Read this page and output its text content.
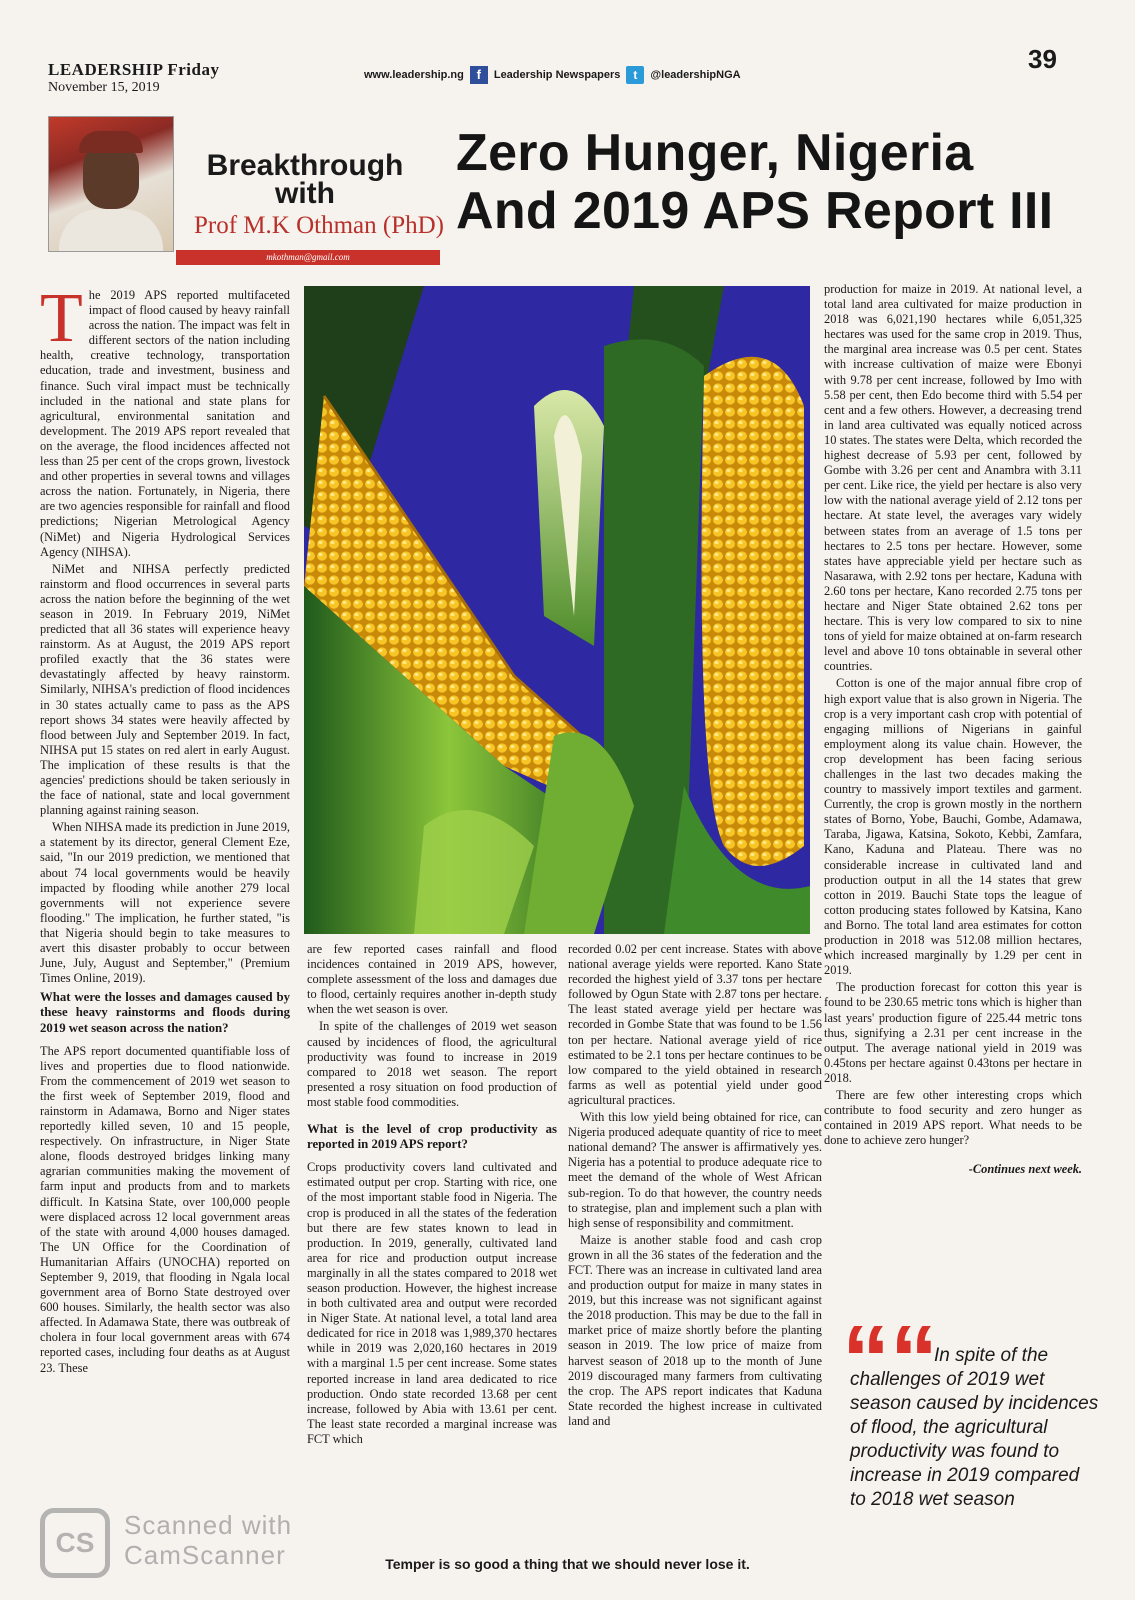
LEADERSHIP Friday
November 15, 2019
www.leadership.ng f	Leadership Newspapers	t	@leadershipNGA
39
Breakthrough
with
Prof M.K Othman (PhD)
mkothman@gmail.com
Zero Hunger, Nigeria
And 2019 APS Report III

The 2019 APS reported multifaceted impact of flood caused by heavy rainfall across the nation. The impact was felt in different sectors of the nation including health, creative technology, transportation education, trade and investment, business and finance. Such viral impact must be technically included in the national and state plans for agricultural, environmental sanitation and development. The 2019 APS report revealed that on the average, the flood incidences affected not less than 25 per cent of the crops grown, livestock and other properties in several towns and villages across the nation. Fortunately, in Nigeria, there are two agencies responsible for rainfall and flood predictions; Nigerian Metrological Agency (NiMet) and Nigeria Hydrological Services Agency (NIHSA).

NiMet and NIHSA perfectly predicted rainstorm and flood occurrences in several parts across the nation before the beginning of the wet season in 2019. In February 2019, NiMet predicted that all 36 states will experience heavy rainstorm. As at August, the 2019 APS report profiled exactly that the 36 states were devastatingly affected by heavy rainstorm. Similarly, NIHSA's prediction of flood incidences in 30 states actually came to pass as the APS report shows 34 states were heavily affected by flood between July and September 2019. In fact, NIHSA put 15 states on red alert in early August. The implication of these results is that the agencies' predictions should be taken seriously in the face of national, state and local government planning against raining season.

When NIHSA made its prediction in June 2019, a statement by its director, general Clement Eze, said, "In our 2019 prediction, we mentioned that about 74 local governments would be heavily impacted by flooding while another 279 local governments will not experience severe flooding." The implication, he further stated, "is that Nigeria should begin to take measures to avert this disaster probably to occur between June, July, August and September," (Premium Times Online, 2019).

What were the losses and damages caused by these heavy rainstorms and floods during 2019 wet season across the nation?

The APS report documented quantifiable loss of lives and properties due to flood nationwide. From the commencement of 2019 wet season to the first week of September 2019, flood and rainstorm in Adamawa, Borno and Niger states reportedly killed seven, 10 and 15 people, respectively. On infrastructure, in Niger State alone, floods destroyed bridges linking many agrarian communities making the movement of farm input and products from and to markets difficult. In Katsina State, over 100,000 people were displaced across 12 local government areas of the state with around 4,000 houses damaged. The UN Office for the Coordination of Humanitarian Affairs (UNOCHA) reported on September 9, 2019, that flooding in Ngala local government area of Borno State destroyed over 600 houses. Similarly, the health sector was also affected. In Adamawa State, there was outbreak of cholera in four local government areas with 674 reported cases, including four deaths as at August 23. These

are few reported cases rainfall and flood incidences contained in 2019 APS, however, complete assessment of the loss and damages due to flood, certainly requires another in-depth study when the wet season is over.

In spite of the challenges of 2019 wet season caused by incidences of flood, the agricultural productivity was found to increase in 2019 compared to 2018 wet season. The report presented a rosy situation on food production of most stable food commodities.

What is the level of crop productivity as reported in 2019 APS report?

Crops productivity covers land cultivated and estimated output per crop. Starting with rice, one of the most important stable food in Nigeria. The crop is produced in all the states of the federation but there are few states known to lead in production. In 2019, generally, cultivated land area for rice and production output increase marginally in all the states compared to 2018 wet season production. However, the highest increase in both cultivated area and output were recorded in Niger State. At national level, a total land area dedicated for rice in 2018 was 1,989,370 hectares while in 2019 was 2,020,160 hectares in 2019 with a marginal 1.5 per cent increase. Some states reported increase in land area dedicated to rice production. Ondo state recorded 13.68 per cent increase, followed by Abia with 13.61 per cent. The least state recorded a marginal increase was FCT which

recorded 0.02 per cent increase. States with above national average yields were reported. Kano State recorded the highest yield of 3.37 tons per hectare followed by Ogun State with 2.87 tons per hectare. The least stated average yield per hectare was recorded in Gombe State that was found to be 1.56 ton per hectare. National average yield of rice estimated to be 2.1 tons per hectare continues to be low compared to the yield obtained in research farms as well as potential yield under good agricultural practices.

With this low yield being obtained for rice, can Nigeria produced adequate quantity of rice to meet national demand? The answer is affirmatively yes. Nigeria has a potential to produce adequate rice to meet the demand of the whole of West African sub-region. To do that however, the country needs to strategise, plan and implement such a plan with high sense of responsibility and commitment.

Maize is another stable food and cash crop grown in all the 36 states of the federation and the FCT. There was an increase in cultivated land area and production output for maize in many states in 2019, but this increase was not significant against the 2018 production. This may be due to the fall in market price of maize shortly before the planting season in 2019. The low price of maize from harvest season of 2018 up to the month of June 2019 discouraged many farmers from cultivating the crop. The APS report indicates that Kaduna State recorded the highest increase in cultivated land and

production for maize in 2019. At national level, a total land area cultivated for maize production in 2018 was 6,021,190 hectares while 6,051,325 hectares was used for the same crop in 2019. Thus, the marginal area increase was 0.5 per cent. States with increase cultivation of maize were Ebonyi with 9.78 per cent increase, followed by Imo with 5.58 per cent, then Edo become third with 5.54 per cent and a few others. However, a decreasing trend in land area cultivated was equally noticed across 10 states. The states were Delta, which recorded the highest decrease of 5.93 per cent, followed by Gombe with 3.26 per cent and Anambra with 3.11 per cent. Like rice, the yield per hectare is also very low with the national average yield of 2.12 tons per hectare. At state level, the averages vary widely between states from an average of 1.5 tons per hectares to 2.5 tons per hectare. However, some states have appreciable yield per hectare such as Nasarawa, with 2.92 tons per hectare, Kaduna with 2.60 tons per hectare, Kano recorded 2.75 tons per hectare and Niger State obtained 2.62 tons per hectare. This is very low compared to six to nine tons of yield for maize obtained at on-farm research level and above 10 tons obtainable in several other countries.

Cotton is one of the major annual fibre crop of high export value that is also grown in Nigeria. The crop is a very important cash crop with potential of engaging millions of Nigerians in gainful employment along its value chain. However, the crop development has been facing serious challenges in the last two decades making the country to massively import textiles and garment. Currently, the crop is grown mostly in the northern states of Borno, Yobe, Bauchi, Gombe, Adamawa, Taraba, Jigawa, Katsina, Sokoto, Kebbi, Zamfara, Kano, Kaduna and Plateau. There was no considerable increase in cultivated land and production output in all the 14 states that grew cotton in 2019. Bauchi State tops the league of cotton producing states followed by Katsina, Kano and Borno. The total land area estimates for cotton production in 2018 was 512.08 million hectares, which increased marginally by 1.29 per cent in 2019.

The production forecast for cotton this year is found to be 230.65 metric tons which is higher than last years' production figure of 225.44 metric tons thus, signifying a 2.31 per cent increase in the output. The average national yield in 2019 was 0.45tons per hectare against 0.43tons per hectare in 2018.

There are few other interesting crops which contribute to food security and zero hunger as contained in 2019 APS report. What needs to be done to achieve zero hunger?

-Continues next week.
““
In spite of the
challenges of 2019 wet season caused by incidences of flood, the agricultural productivity was found to increase in 2019 compared to 2018 wet season
Temper is so good a thing that we should never lose it.
CS
Scanned with
CamScanner
